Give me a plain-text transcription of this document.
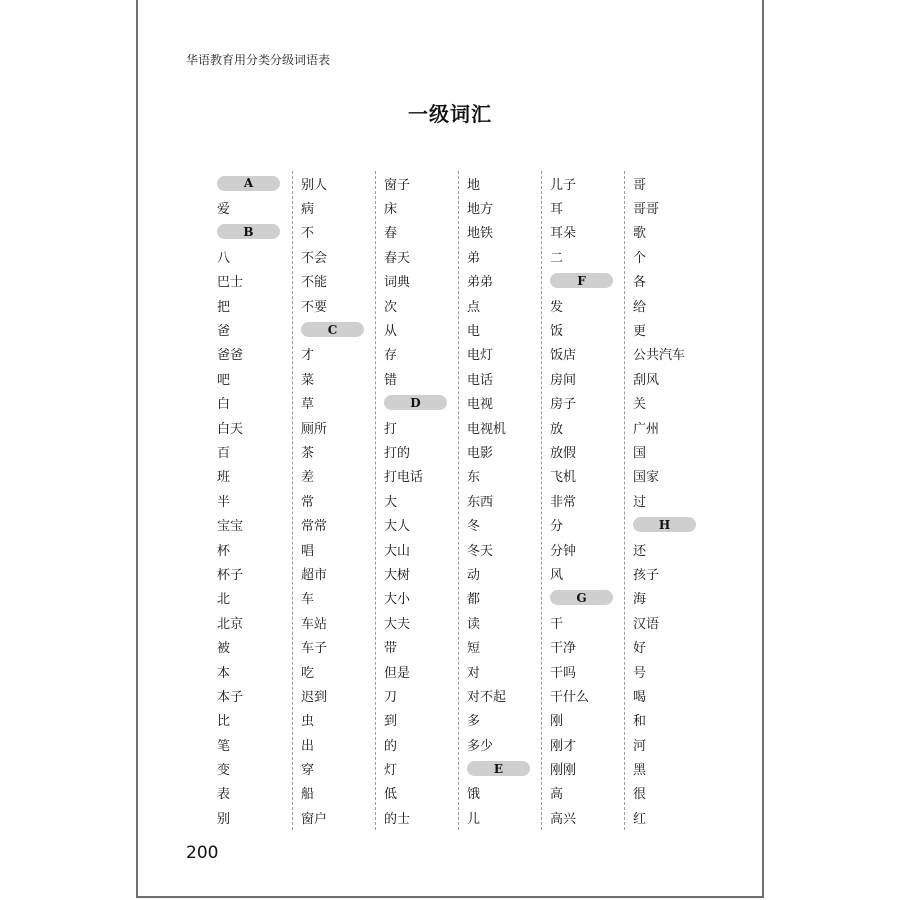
华语教育用分类分级词语表
一级词汇
A
爱
B
八
巴士
把
爸
爸爸
吧
白
白天
百
班
半
宝宝
杯
杯子
北
北京
被
本
本子
比
笔
变
表
别
别人
病
不
不会
不能
不要
C
才
菜
草
厕所
茶
差
常
常常
唱
超市
车
车站
车子
吃
迟到
虫
出
穿
船
窗户
窗子
床
春
春天
词典
次
从
存
错
D
打
打的
打电话
大
大人
大山
大树
大小
大夫
带
但是
刀
到
的
灯
低
的士
地
地方
地铁
弟
弟弟
点
电
电灯
电话
电视
电视机
电影
东
东西
冬
冬天
动
都
读
短
对
对不起
多
多少
E
饿
儿
儿子
耳
耳朵
二
F
发
饭
饭店
房间
房子
放
放假
飞机
非常
分
分钟
风
G
干
干净
干吗
干什么
刚
刚才
刚刚
高
高兴
哥
哥哥
歌
个
各
给
更
公共汽车
刮风
关
广州
国
国家
过
H
还
孩子
海
汉语
好
号
喝
和
河
黑
很
红
200
